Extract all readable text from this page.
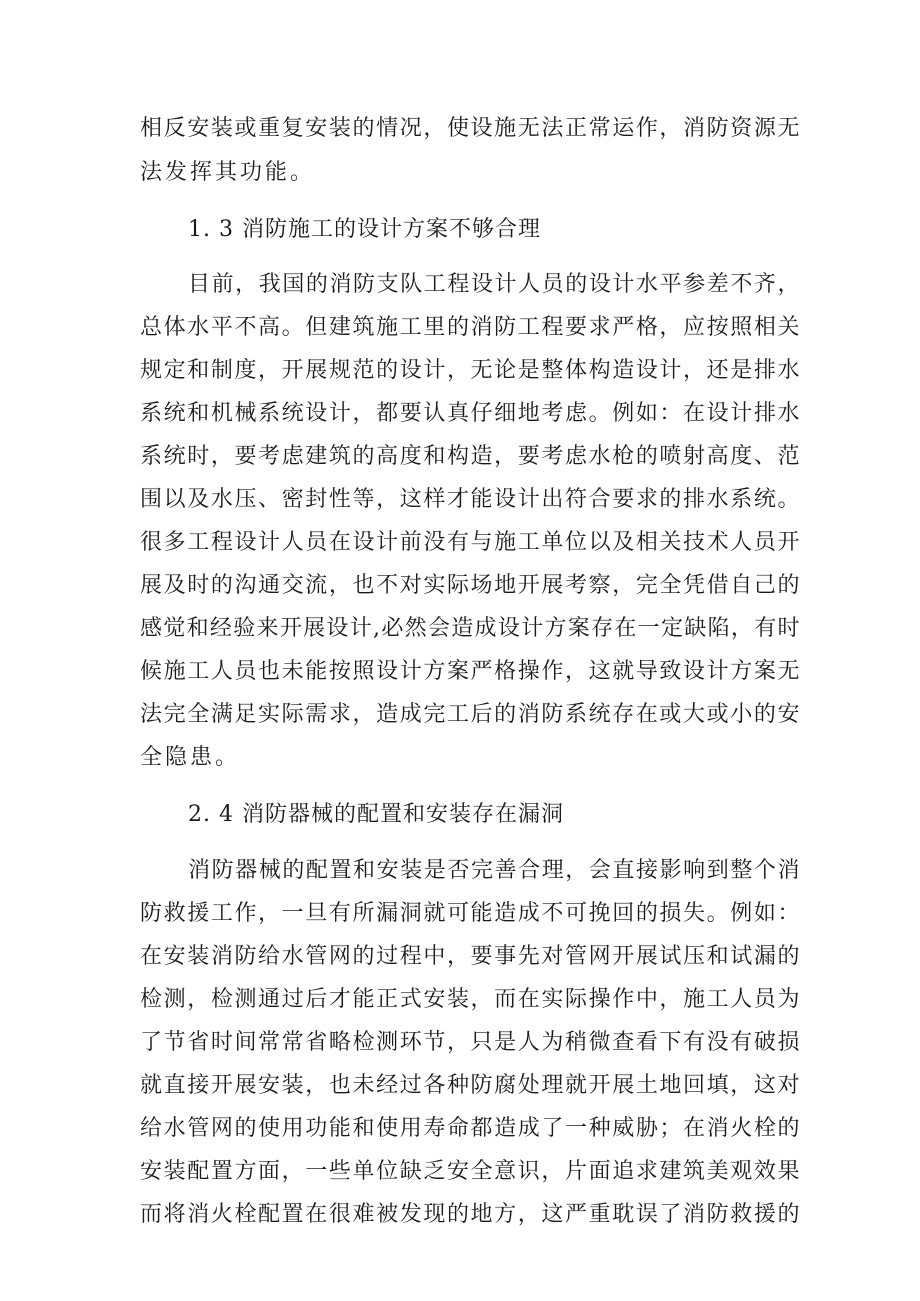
相反安装或重复安装的情况，使设施无法正常运作，消防资源无
法发挥其功能。
1. 3 消防施工的设计方案不够合理
目前，我国的消防支队工程设计人员的设计水平参差不齐，
总体水平不高。但建筑施工里的消防工程要求严格，应按照相关
规定和制度，开展规范的设计，无论是整体构造设计，还是排水
系统和机械系统设计，都要认真仔细地考虑。例如：在设计排水
系统时，要考虑建筑的高度和构造，要考虑水枪的喷射高度、范
围以及水压、密封性等，这样才能设计出符合要求的排水系统。
很多工程设计人员在设计前没有与施工单位以及相关技术人员开
展及时的沟通交流，也不对实际场地开展考察，完全凭借自己的
感觉和经验来开展设计,必然会造成设计方案存在一定缺陷，有时
候施工人员也未能按照设计方案严格操作，这就导致设计方案无
法完全满足实际需求，造成完工后的消防系统存在或大或小的安
全隐患。
2. 4 消防器械的配置和安装存在漏洞
消防器械的配置和安装是否完善合理，会直接影响到整个消
防救援工作，一旦有所漏洞就可能造成不可挽回的损失。例如：
在安装消防给水管网的过程中，要事先对管网开展试压和试漏的
检测，检测通过后才能正式安装，而在实际操作中，施工人员为
了节省时间常常省略检测环节，只是人为稍微查看下有没有破损
就直接开展安装，也未经过各种防腐处理就开展土地回填，这对
给水管网的使用功能和使用寿命都造成了一种威胁；在消火栓的
安装配置方面，一些单位缺乏安全意识，片面追求建筑美观效果
而将消火栓配置在很难被发现的地方，这严重耽误了消防救援的
